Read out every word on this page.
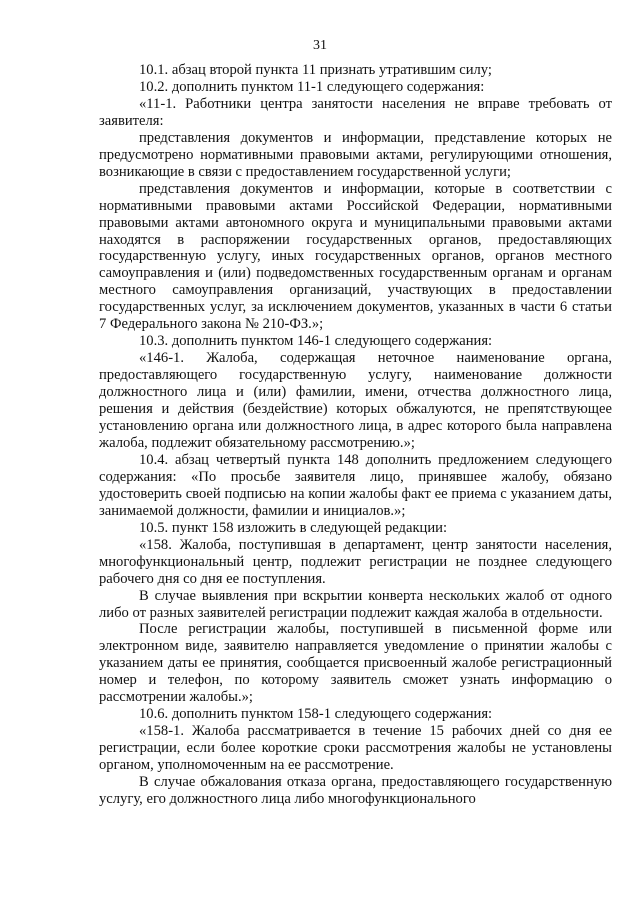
31

10.1. абзац второй пункта 11 признать утратившим силу;

10.2. дополнить пунктом 11-1 следующего содержания:

«11-1. Работники центра занятости населения не вправе требовать от заявителя:

представления документов и информации, представление которых не предусмотрено нормативными правовыми актами, регулирующими отношения, возникающие в связи с предоставлением государственной услуги;

представления документов и информации, которые в соответствии с нормативными правовыми актами Российской Федерации, нормативными правовыми актами автономного округа и муниципальными правовыми актами находятся в распоряжении государственных органов, предоставляющих государственную услугу, иных государственных органов, органов местного самоуправления и (или) подведомственных государственным органам и органам местного самоуправления организаций, участвующих в предоставлении государственных услуг, за исключением документов, указанных в части 6 статьи 7 Федерального закона № 210-ФЗ.»;

10.3. дополнить пунктом 146-1 следующего содержания:

«146-1. Жалоба, содержащая неточное наименование органа, предоставляющего государственную услугу, наименование должности должностного лица и (или) фамилии, имени, отчества должностного лица, решения и действия (бездействие) которых обжалуются, не препятствующее установлению органа или должностного лица, в адрес которого была направлена жалоба, подлежит обязательному рассмотрению.»;

10.4. абзац четвертый пункта 148 дополнить предложением следующего содержания: «По просьбе заявителя лицо, принявшее жалобу, обязано удостоверить своей подписью на копии жалобы факт ее приема с указанием даты, занимаемой должности, фамилии и инициалов.»;

10.5. пункт 158 изложить в следующей редакции:

«158. Жалоба, поступившая в департамент, центр занятости населения, многофункциональный центр, подлежит регистрации не позднее следующего рабочего дня со дня ее поступления.

В случае выявления при вскрытии конверта нескольких жалоб от одного либо от разных заявителей регистрации подлежит каждая жалоба в отдельности.

После регистрации жалобы, поступившей в письменной форме или электронном виде, заявителю направляется уведомление о принятии жалобы с указанием даты ее принятия, сообщается присвоенный жалобе регистрационный номер и телефон, по которому заявитель сможет узнать информацию о рассмотрении жалобы.»;

10.6. дополнить пунктом 158-1 следующего содержания:

«158-1. Жалоба рассматривается в течение 15 рабочих дней со дня ее регистрации, если более короткие сроки рассмотрения жалобы не установлены органом, уполномоченным на ее рассмотрение.

В случае обжалования отказа органа, предоставляющего государственную услугу, его должностного лица либо многофункционального
